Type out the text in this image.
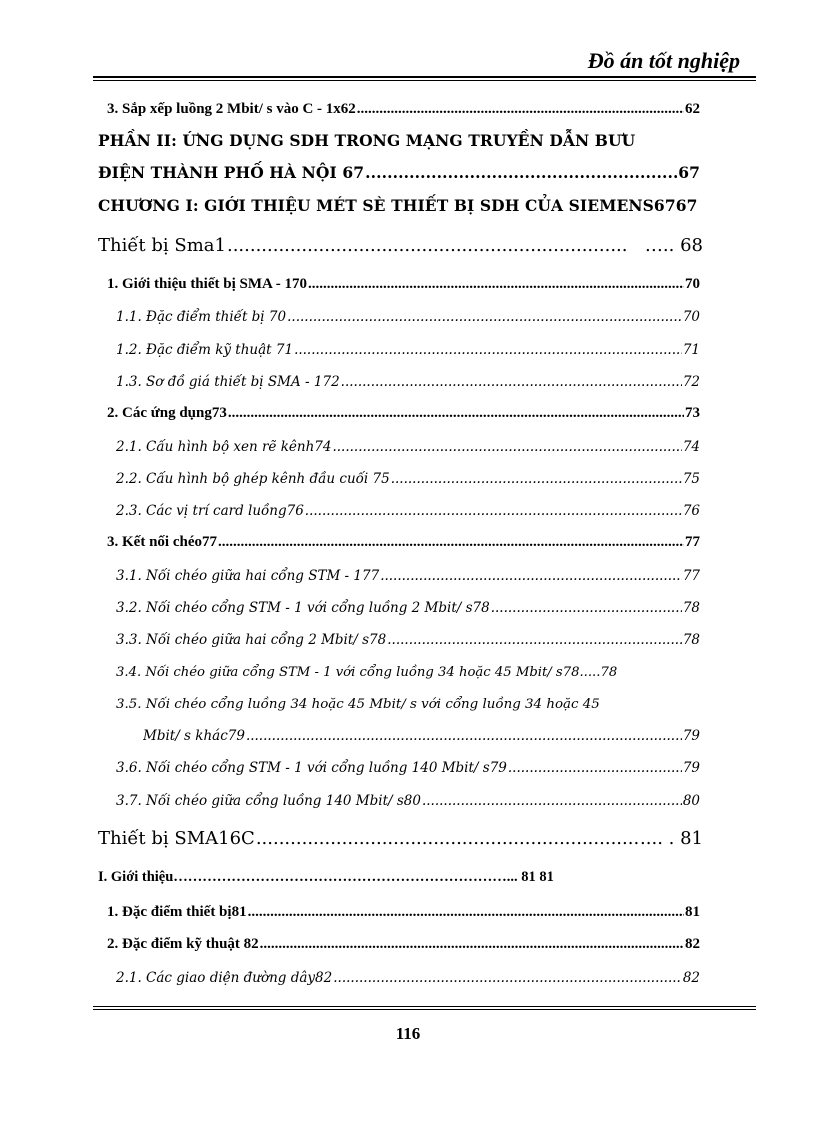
Đồ án tốt nghiệp
3. Sắp xếp luồng 2 Mbit/ s vào C - 1x62 .....	62
PHẦN II: ỨNG DỤNG SDH TRONG MẠNG TRUYỀN DẪN BƯU
ĐIỆN THÀNH PHỐ HÀ NỘI 67 .....	67
CHƯƠNG I: GIỚI THIỆU MÉT SÈ THIẾT BỊ SDH CỦA SIEMENS6767
Thiết bị Sma1 .....	….. 68
1. Giới thiệu thiết bị SMA - 170 .....	70
1.1. Đặc điểm thiết bị 70 .....	70
1.2. Đặc điểm kỹ thuật 71 .....	71
1.3. Sơ đồ giá thiết bị SMA - 172 .....	72
2. Các ứng dụng73 .....	73
2.1. Cấu hình bộ xen rẽ kênh74 .....	74
2.2. Cấu hình bộ ghép kênh đầu cuối 75 .....	75
2.3. Các vị trí card luồng76 .....	76
3. Kết nối chéo77 .....	77
3.1. Nối chéo giữa hai cổng STM - 177 .....	77
3.2. Nối chéo cổng STM - 1 với cổng luồng 2 Mbit/ s78 .....	78
3.3. Nối chéo giữa hai cổng 2 Mbit/ s78 .....	78
3.4. Nối chéo giữa cổng STM - 1 với cổng luồng 34 hoặc 45 Mbit/ s78.....78
3.5. Nối chéo cổng luồng 34 hoặc 45 Mbit/ s với cổng luồng 34 hoặc 45
Mbit/ s khác79 .....	79
3.6. Nối chéo cổng STM - 1 với cổng luồng 140 Mbit/ s79 .....	79
3.7. Nối chéo giữa cổng luồng 140 Mbit/ s80 .....	80
Thiết bị SMA16C .....	.... . 81
I. Giới thiệu……………………………………………………………... 81 81
1. Đặc điểm thiết bị81 .....	81
2. Đặc điểm kỹ thuật 82 .....	82
2.1. Các giao diện đường dây82 .....	82
116
